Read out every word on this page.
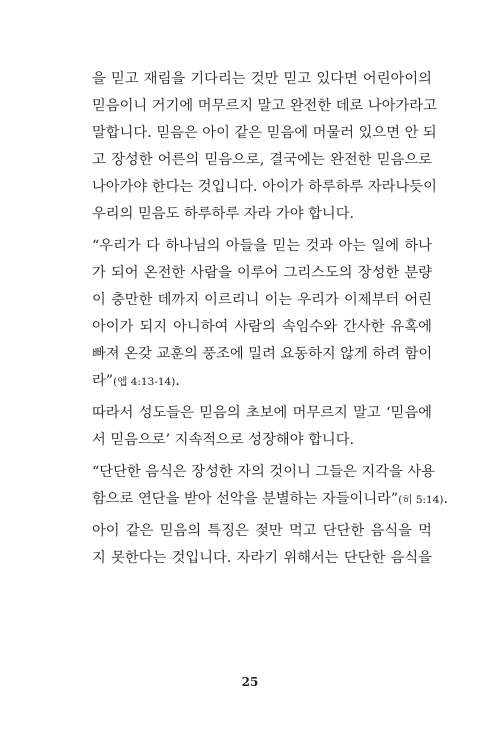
을 믿고 재림을 기다리는 것만 믿고 있다면 어린아이의
믿음이니 거기에 머무르지 말고 완전한 데로 나아가라고
말합니다. 믿음은 아이 같은 믿음에 머물러 있으면 안 되
고 장성한 어른의 믿음으로, 결국에는 완전한 믿음으로
나아가야 한다는 것입니다. 아이가 하루하루 자라나듯이
우리의 믿음도 하루하루 자라 가야 합니다.
“우리가 다 하나님의 아들을 믿는 것과 아는 일에 하나
가 되어 온전한 사람을 이루어 그리스도의 장성한 분량
이 충만한 데까지 이르리니 이는 우리가 이제부터 어린
아이가 되지 아니하여 사람의 속임수와 간사한 유혹에
빠져 온갖 교훈의 풍조에 밀려 요동하지 않게 하려 함이
라”(엡 4:13-14).
따라서 성도들은 믿음의 초보에 머무르지 말고 ‘믿음에
서 믿음으로’ 지속적으로 성장해야 합니다.
“단단한 음식은 장성한 자의 것이니 그들은 지각을 사용
함으로 연단을 받아 선악을 분별하는 자들이니라”(히 5:14).
아이 같은 믿음의 특징은 젖만 먹고 단단한 음식을 먹
지 못한다는 것입니다. 자라기 위해서는 단단한 음식을
25
